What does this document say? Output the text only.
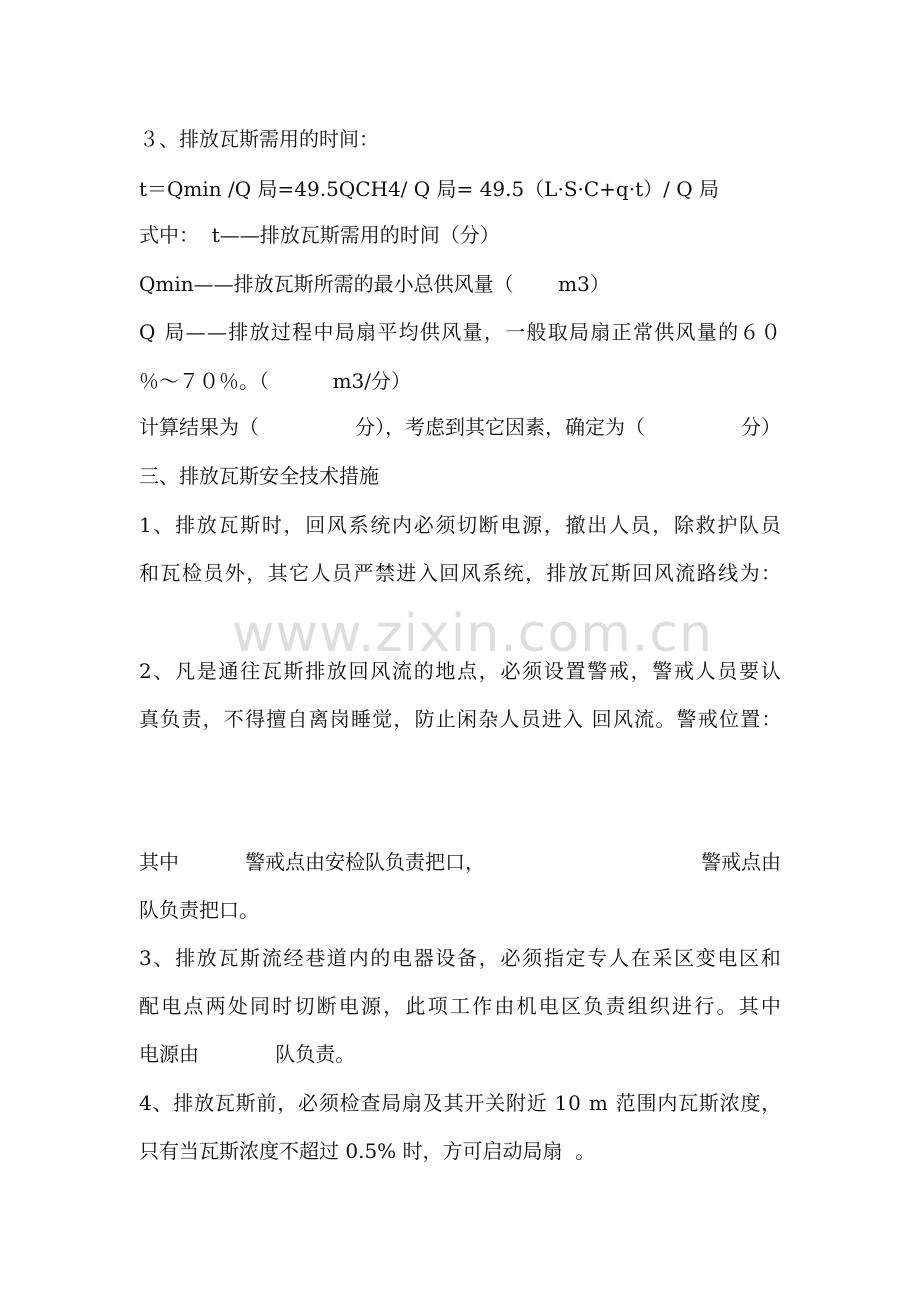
３、排放瓦斯需用的时间：
t＝Qmin /Q 局=49.5QCH4/ Q 局= 49.5（L·S·C+q·t）/ Q 局
式中：  t——排放瓦斯需用的时间（分）
Qmin——排放瓦斯所需的最小总供风量（       m3）
Q 局——排放过程中局扇平均供风量，一般取局扇正常供风量的６０
％～７０％。（          m3/分）
计算结果为（	分），考虑到其它因素，确定为（	分）
三、排放瓦斯安全技术措施
1、排放瓦斯时，回风系统内必须切断电源，撤出人员，除救护队员
和瓦检员外，其它人员严禁进入回风系统，排放瓦斯回风流路线为：
www.zixin.com.cn
2、凡是通往瓦斯排放回风流的地点，必须设置警戒，警戒人员要认
真负责，不得擅自离岗睡觉，防止闲杂人员进入 回风流。警戒位置：
其中	警戒点由安检队负责把口，	警戒点由
队负责把口。
3、排放瓦斯流经巷道内的电器设备，必须指定专人在采区变电区和
配电点两处同时切断电源，此项工作由机电区负责组织进行。其中
电源由            队负责。
4、排放瓦斯前，必须检查局扇及其开关附近 10 m 范围内瓦斯浓度，
只有当瓦斯浓度不超过 0.5% 时，方可启动局扇  。
